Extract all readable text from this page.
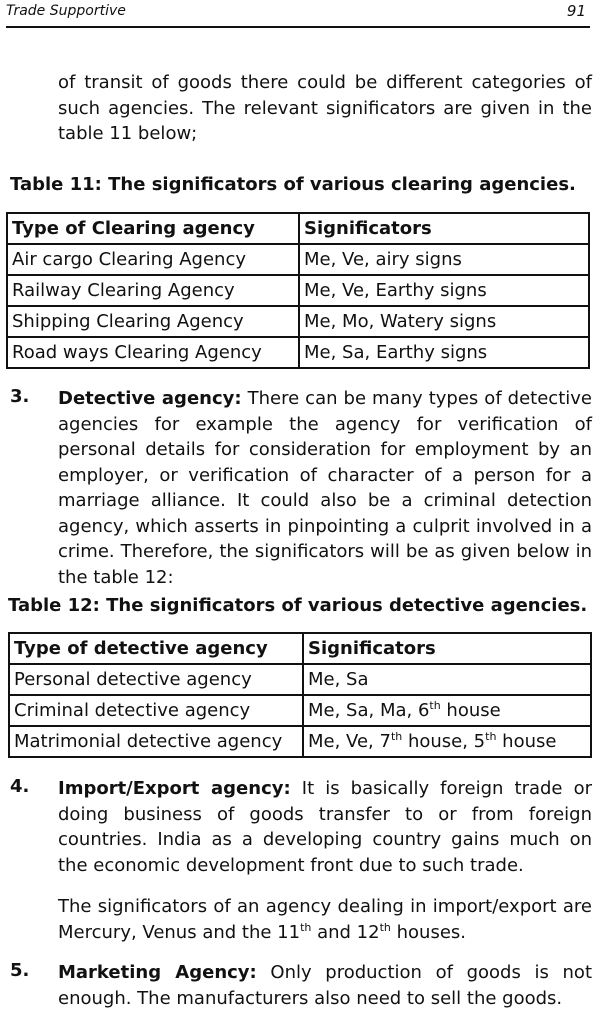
Trade Supportive	91

of transit of goods there could be different categories of such agencies. The relevant significators are given in the table 11 below;

Table 11: The significators of various clearing agencies.
Type of Clearing agency	Significators
Air cargo Clearing Agency	Me, Ve, airy signs
Railway Clearing Agency	Me, Ve, Earthy signs
Shipping Clearing Agency	Me, Mo, Watery signs
Road ways Clearing Agency	Me, Sa, Earthy signs
3. Detective agency: There can be many types of detective agencies for example the agency for verification of personal details for consideration for employment by an employer, or verification of character of a person for a marriage alliance. It could also be a criminal detection agency, which asserts in pinpointing a culprit involved in a crime. Therefore, the significators will be as given below in the table 12:
Table 12: The significators of various detective agencies.
Type of detective agency	Significators
Personal detective agency	Me, Sa
Criminal detective agency	Me, Sa, Ma, 6th house
Matrimonial detective agency	Me, Ve, 7th house, 5th house
4. Import/Export agency: It is basically foreign trade or doing business of goods transfer to or from foreign countries. India as a developing country gains much on the economic development front due to such trade.
The significators of an agency dealing in import/export are Mercury, Venus and the 11th and 12th houses.
5. Marketing Agency: Only production of goods is not enough. The manufacturers also need to sell the goods.
